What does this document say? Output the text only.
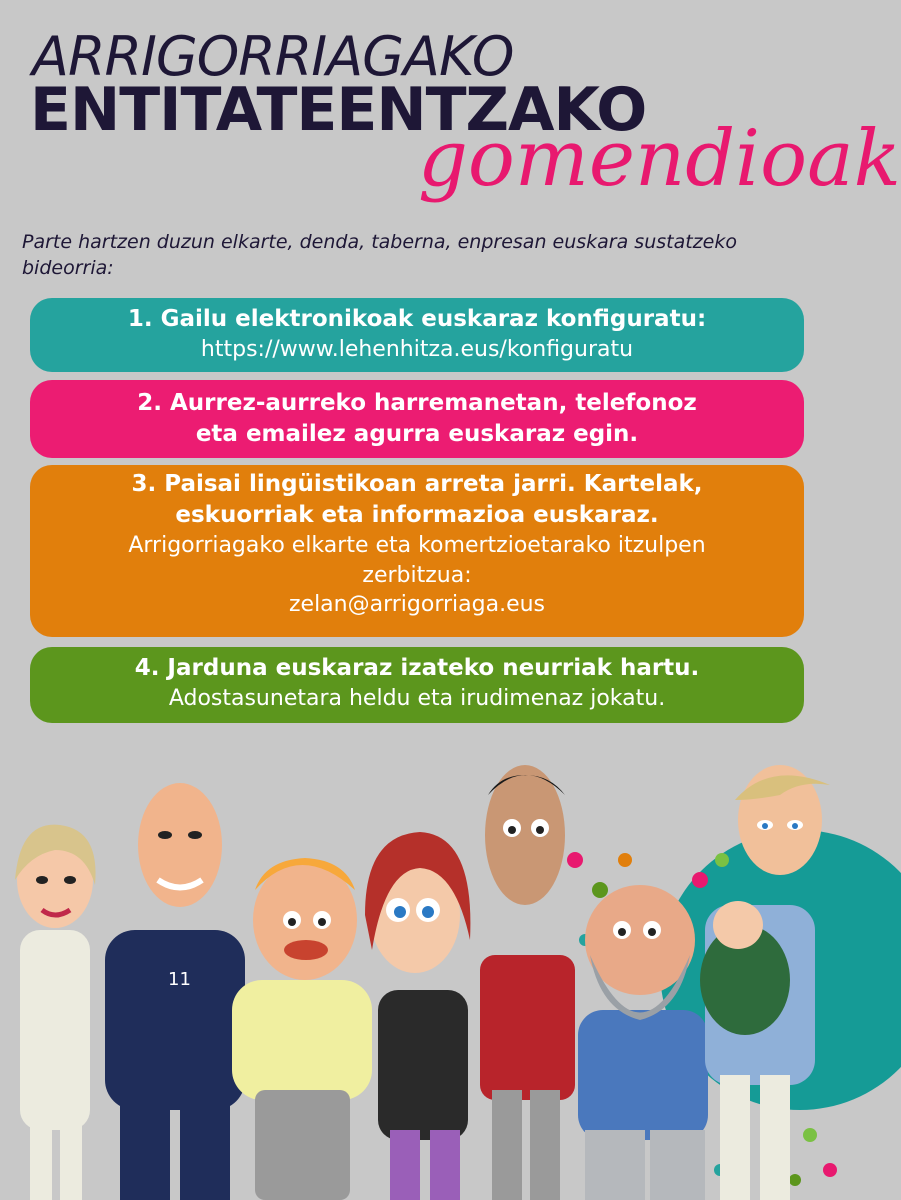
ARRIGORRIAGAKO
ENTITATEENTZAKO
gomendioak
Parte hartzen duzun elkarte, denda, taberna, enpresan euskara sustatzeko bideorria:
1. Gailu elektronikoak euskaraz konfiguratu:
https://www.lehenhitza.eus/konfiguratu
2. Aurrez-aurreko harremanetan, telefonoz
eta emailez agurra euskaraz egin.
3. Paisai lingüistikoan arreta jarri. Kartelak,
eskuorriak eta informazioa euskaraz.
Arrigorriagako elkarte eta komertzioetarako itzulpen
zerbitzua:
zelan@arrigorriaga.eus
4. Jarduna euskaraz izateko neurriak hartu.
Adostasunetara heldu eta irudimenaz jokatu.
11
